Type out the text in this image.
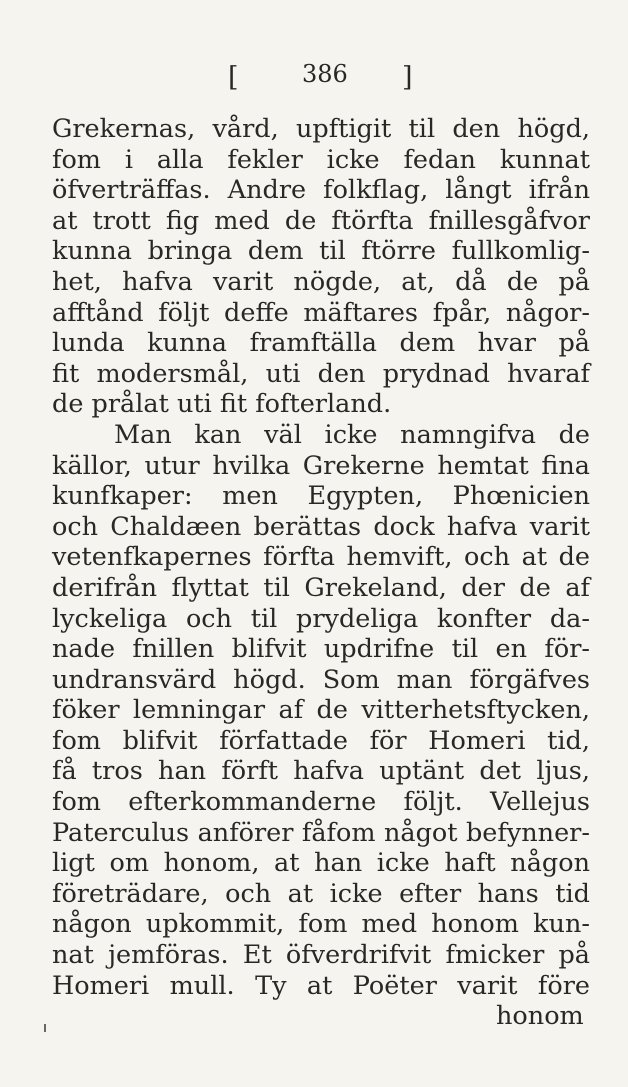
[	386 ]
Grekernas, vård, upftigit til den högd,
fom i alla fekler icke fedan kunnat
öfverträffas. Andre folkflag, långt ifrån
at trott fig med de ftörfta fnillesgåfvor
kunna bringa dem til ftörre fullkomlig-
het, hafva varit nögde, at, då de på
afftånd följt deffe mäftares fpår, någor-
lunda kunna framftälla dem hvar på
fit modersmål, uti den prydnad hvaraf
de prålat uti fit fofterland.
Man kan väl icke namngifva de
källor, utur hvilka Grekerne hemtat fina
kunfkaper: men Egypten, Phœnicien
och Chaldæen berättas dock hafva varit
vetenfkapernes förfta hemvift, och at de
derifrån flyttat til Grekeland, der de af
lyckeliga och til prydeliga konfter da-
nade fnillen blifvit updrifne til en för-
undransvärd högd. Som man förgäfves
föker lemningar af de vitterhetsftycken,
fom blifvit författade för Homeri tid,
få tros han förft hafva uptänt det ljus,
fom efterkommanderne följt. Vellejus
Paterculus anförer fåfom något befynner-
ligt om honom, at han icke haft någon
företrädare, och at icke efter hans tid
någon upkommit, fom med honom kun-
nat jemföras. Et öfverdrifvit fmicker på
Homeri mull. Ty at Poëter varit före
honom
